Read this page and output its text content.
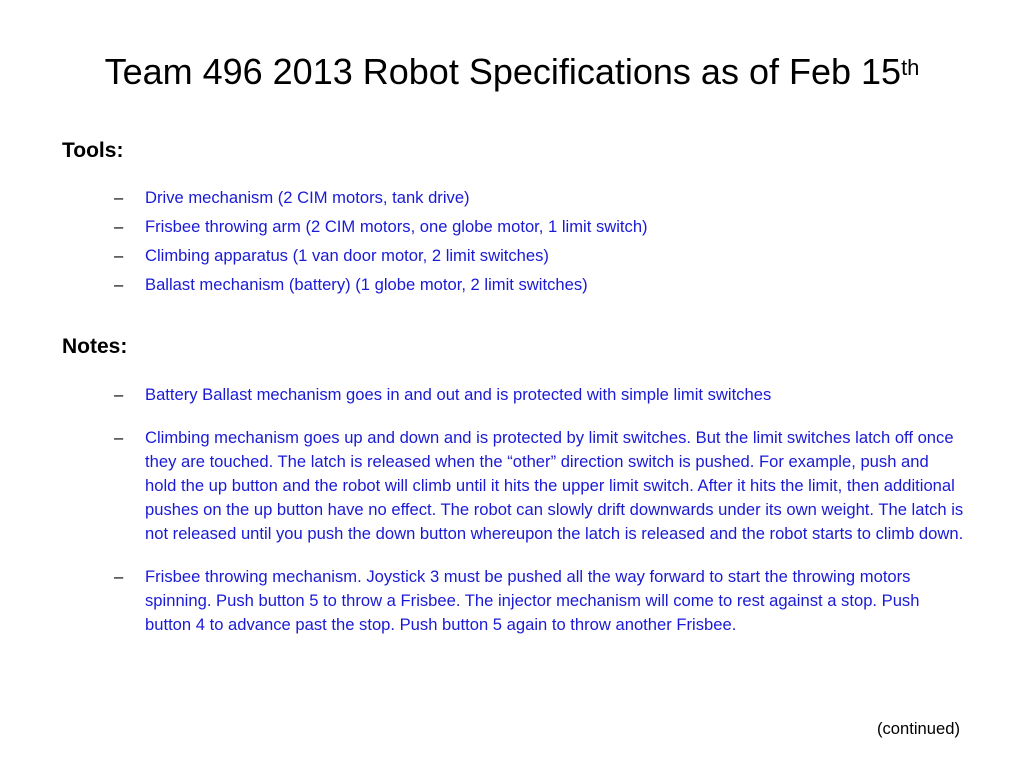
Team 496 2013 Robot Specifications as of Feb 15th
Tools:
– Drive mechanism (2 CIM motors, tank drive)
– Frisbee throwing arm (2 CIM motors, one globe motor, 1 limit switch)
– Climbing apparatus (1 van door motor, 2 limit switches)
– Ballast mechanism (battery) (1 globe motor, 2 limit switches)
Notes:
– Battery Ballast mechanism goes in and out and is protected with simple limit switches
– Climbing mechanism goes up and down and is protected by limit switches. But the limit switches latch off once they are touched. The latch is released when the “other” direction switch is pushed. For example, push and hold the up button and the robot will climb until it hits the upper limit switch. After it hits the limit, then additional pushes on the up button have no effect. The robot can slowly drift downwards under its own weight. The latch is not released until you push the down button whereupon the latch is released and the robot starts to climb down.
– Frisbee throwing mechanism. Joystick 3 must be pushed all the way forward to start the throwing motors spinning. Push button 5 to throw a Frisbee. The injector mechanism will come to rest against a stop. Push button 4 to advance past the stop. Push button 5 again to throw another Frisbee.
(continued)
